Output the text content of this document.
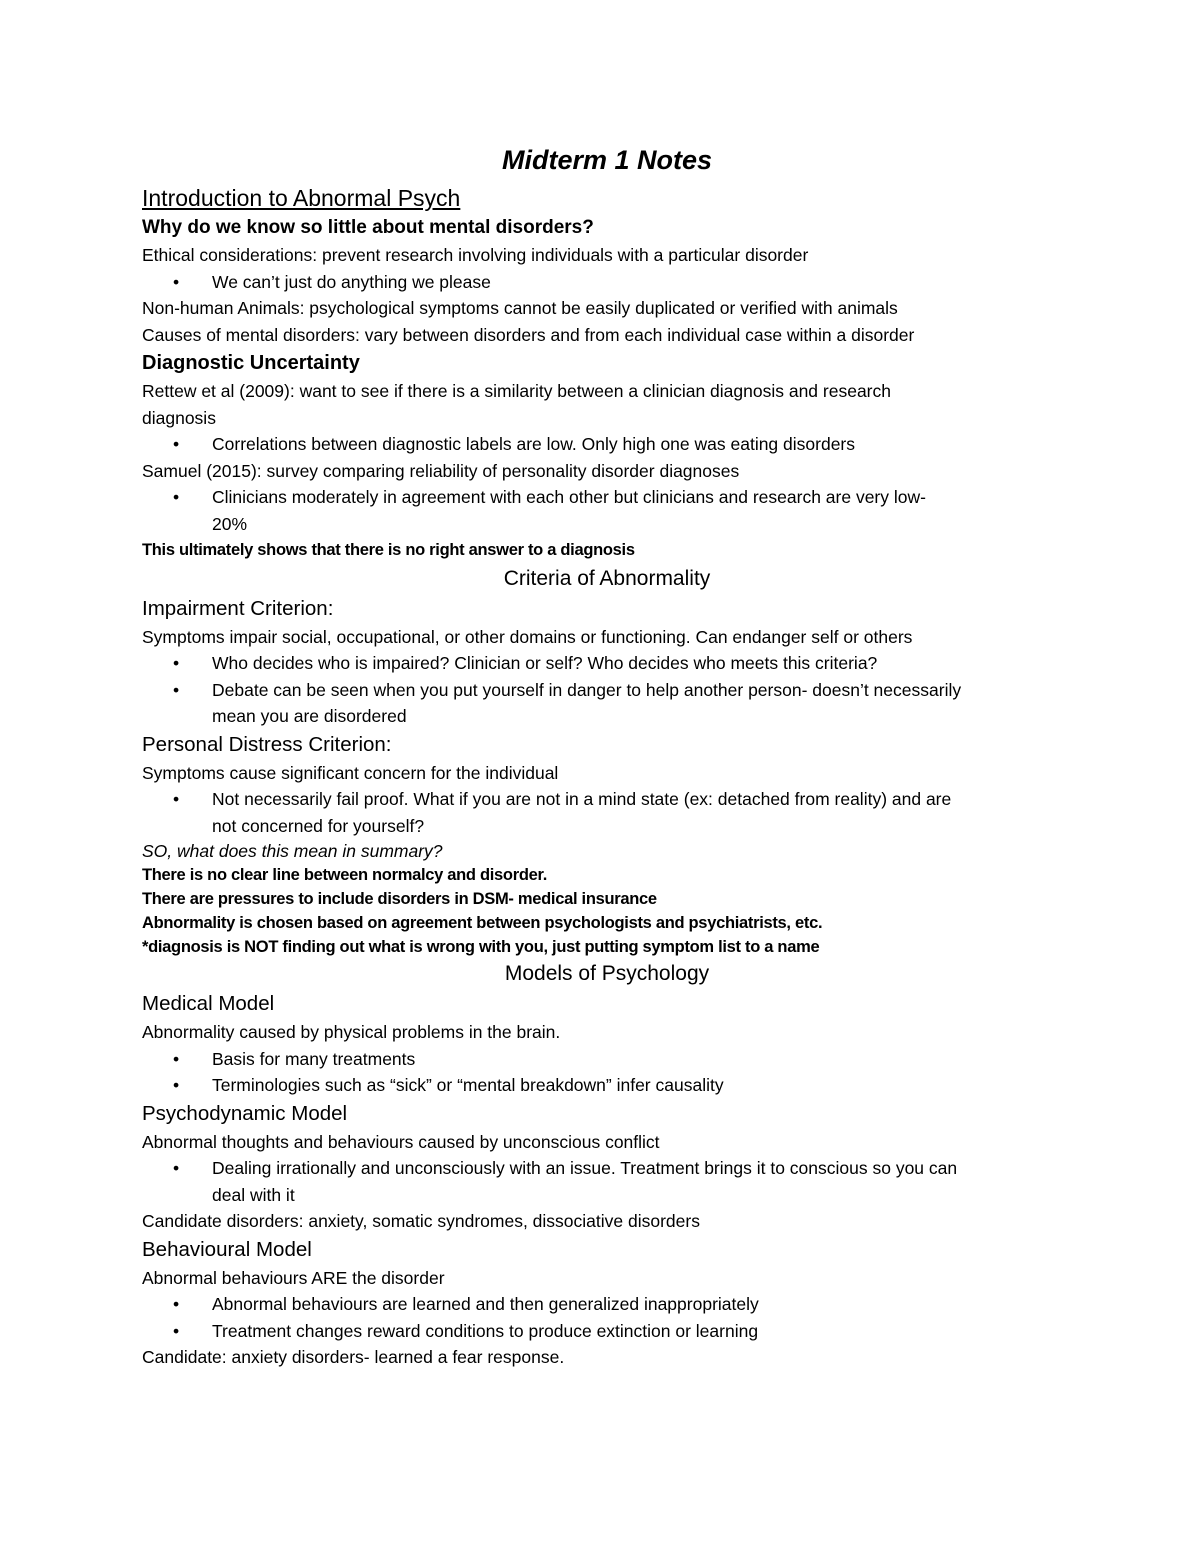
Midterm 1 Notes
Introduction to Abnormal Psych
Why do we know so little about mental disorders?
Ethical considerations: prevent research involving individuals with a particular disorder
• We can’t just do anything we please
Non-human Animals: psychological symptoms cannot be easily duplicated or verified with animals
Causes of mental disorders: vary between disorders and from each individual case within a disorder
Diagnostic Uncertainty
Rettew et al (2009): want to see if there is a similarity between a clinician diagnosis and research
diagnosis
• Correlations between diagnostic labels are low. Only high one was eating disorders
Samuel (2015): survey comparing reliability of personality disorder diagnoses
• Clinicians moderately in agreement with each other but clinicians and research are very low-
20%
This ultimately shows that there is no right answer to a diagnosis
Criteria of Abnormality
Impairment Criterion:
Symptoms impair social, occupational, or other domains or functioning. Can endanger self or others
• Who decides who is impaired? Clinician or self? Who decides who meets this criteria?
• Debate can be seen when you put yourself in danger to help another person- doesn’t necessarily
mean you are disordered
Personal Distress Criterion:
Symptoms cause significant concern for the individual
• Not necessarily fail proof. What if you are not in a mind state (ex: detached from reality) and are
not concerned for yourself?
SO, what does this mean in summary?
There is no clear line between normalcy and disorder.
There are pressures to include disorders in DSM- medical insurance
Abnormality is chosen based on agreement between psychologists and psychiatrists, etc.
*diagnosis is NOT finding out what is wrong with you, just putting symptom list to a name
Models of Psychology
Medical Model
Abnormality caused by physical problems in the brain.
• Basis for many treatments
• Terminologies such as “sick” or “mental breakdown” infer causality
Psychodynamic Model
Abnormal thoughts and behaviours caused by unconscious conflict
• Dealing irrationally and unconsciously with an issue. Treatment brings it to conscious so you can
deal with it
Candidate disorders: anxiety, somatic syndromes, dissociative disorders
Behavioural Model
Abnormal behaviours ARE the disorder
• Abnormal behaviours are learned and then generalized inappropriately
• Treatment changes reward conditions to produce extinction or learning
Candidate: anxiety disorders- learned a fear response.
